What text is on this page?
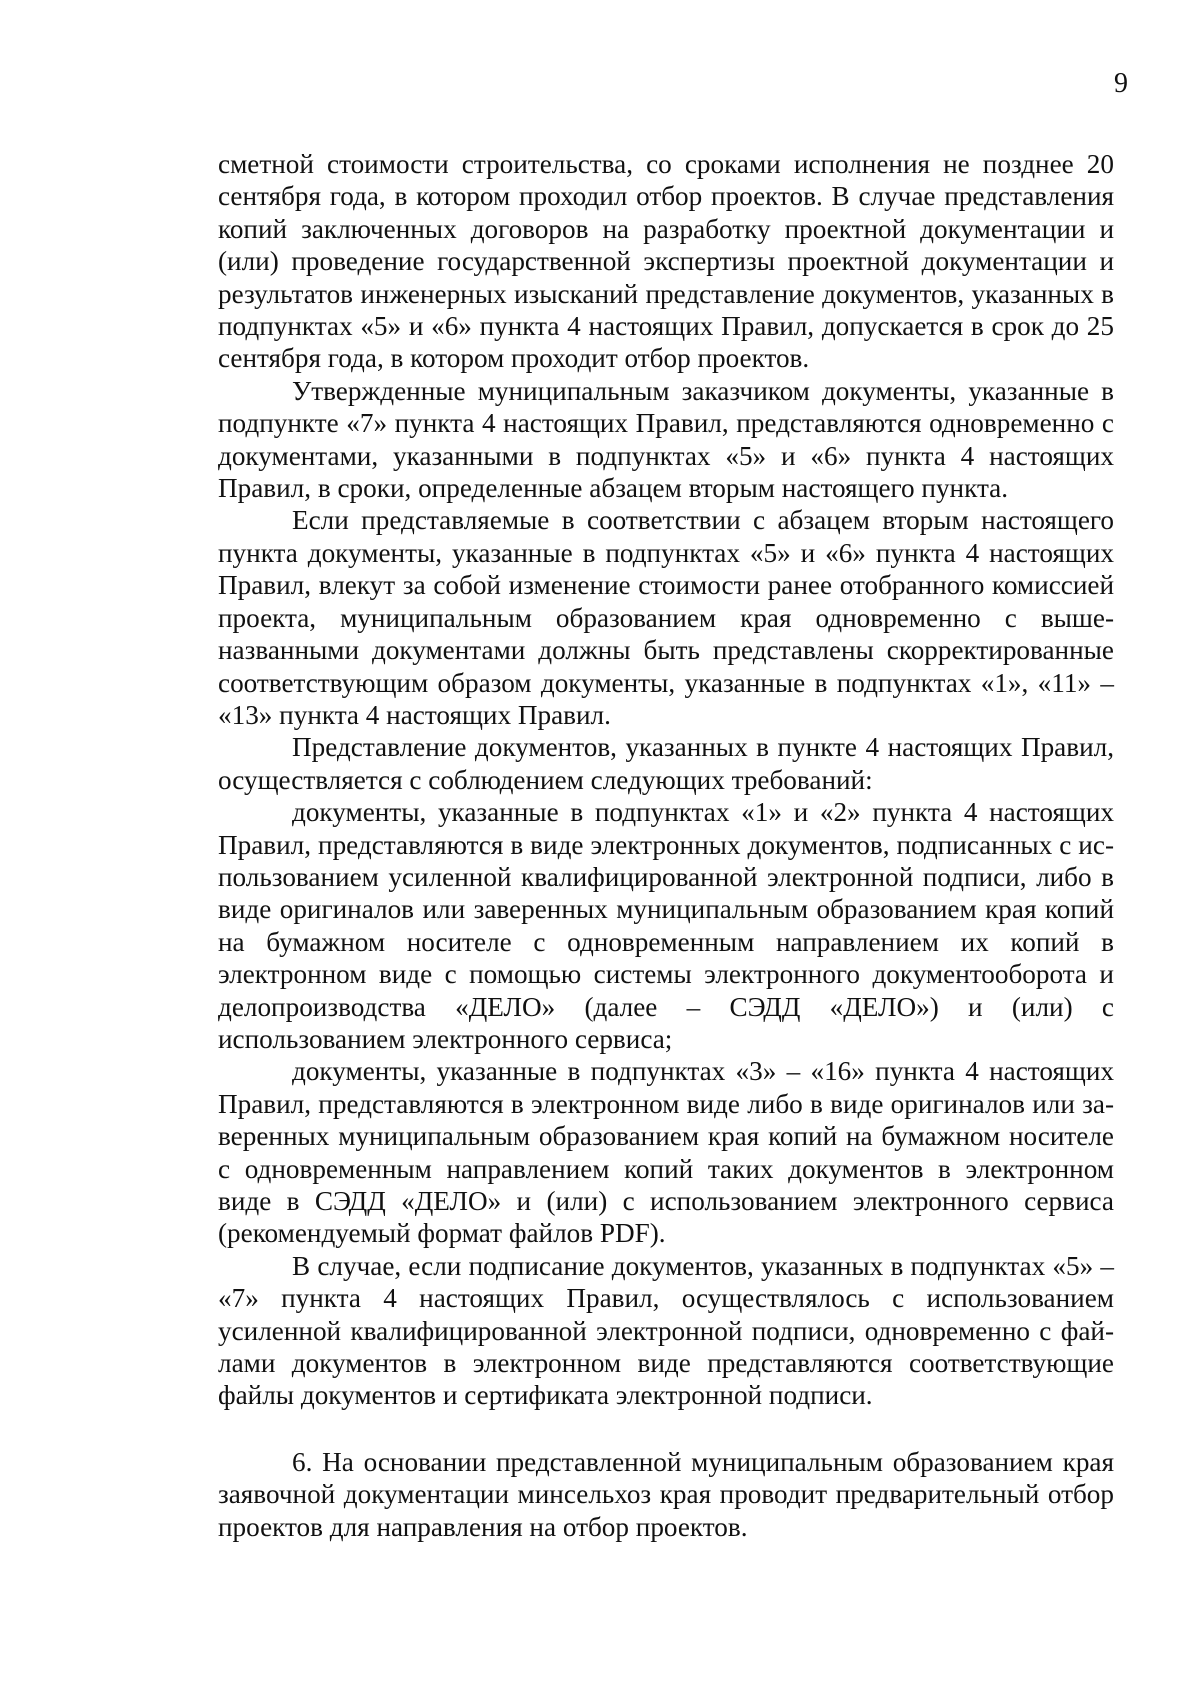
9

сметной стоимости строительства, со сроками исполнения не позднее 20 сентября года, в котором проходил отбор проектов. В случае представления копий заключенных договоров на разработку проектной документации и (или) проведение государственной экспертизы проектной документации и результатов инженерных изысканий представление документов, указанных в подпунктах «5» и «6» пункта 4 настоящих Правил, допускается в срок до 25 сентября года, в котором проходит отбор проектов.

Утвержденные муниципальным заказчиком документы, указанные в подпункте «7» пункта 4 настоящих Правил, представляются одновременно с документами, указанными в подпунктах «5» и «6» пункта 4 настоящих Правил, в сроки, определенные абзацем вторым настоящего пункта.

Если представляемые в соответствии с абзацем вторым настоящего пункта документы, указанные в подпунктах «5» и «6» пункта 4 настоящих Правил, влекут за собой изменение стоимости ранее отобранного комиссией проекта, муниципальным образованием края одновременно с вышеназванными документами должны быть представлены скорректированные соответствующим образом документы, указанные в подпунктах «1», «11» – «13» пункта 4 настоящих Правил.

Представление документов, указанных в пункте 4 настоящих Правил, осуществляется с соблюдением следующих требований:

документы, указанные в подпунктах «1» и «2» пункта 4 настоящих Правил, представляются в виде электронных документов, подписанных с использованием усиленной квалифицированной электронной подписи, либо в виде оригиналов или заверенных муниципальным образованием края копий на бумажном носителе с одновременным направлением их копий в электронном виде с помощью системы электронного документооборота и делопроизводства «ДЕЛО» (далее – СЭДД «ДЕЛО») и (или) с использованием электронного сервиса;

документы, указанные в подпунктах «3» – «16» пункта 4 настоящих Правил, представляются в электронном виде либо в виде оригиналов или заверенных муниципальным образованием края копий на бумажном носителе с одновременным направлением копий таких документов в электронном виде в СЭДД «ДЕЛО» и (или) с использованием электронного сервиса (рекомендуемый формат файлов PDF).

В случае, если подписание документов, указанных в подпунктах «5» – «7» пункта 4 настоящих Правил, осуществлялось с использованием усиленной квалифицированной электронной подписи, одновременно с файлами документов в электронном виде представляются соответствующие файлы документов и сертификата электронной подписи.

6. На основании представленной муниципальным образованием края заявочной документации минсельхоз края проводит предварительный отбор проектов для направления на отбор проектов.
